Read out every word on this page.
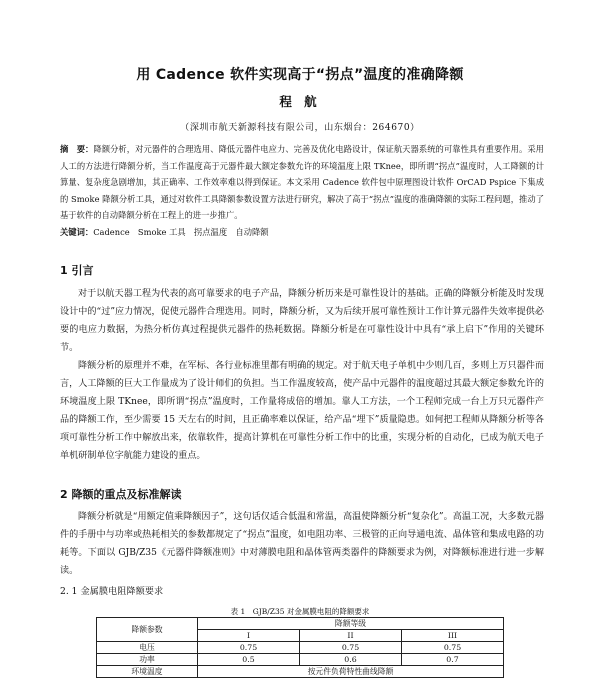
用 Cadence 软件实现高于“拐点”温度的准确降额
程 航
（深圳市航天新源科技有限公司，山东烟台：264670）
摘　要：降额分析，对元器件的合理选用、降低元器件电应力、完善及优化电路设计，保证航天器系统的可靠性具有重要作用。采用人工的方法进行降额分析，当工作温度高于元器件最大额定参数允许的环境温度上限 TKnee，即所谓“拐点”温度时，人工降额的计算量、复杂度急剧增加，其正确率、工作效率难以得到保证。本文采用 Cadence 软件包中原理图设计软件 OrCAD Pspice 下集成的 Smoke 降额分析工具，通过对软件工具降额参数设置方法进行研究，解决了高于“拐点”温度的准确降额的实际工程问题，推动了基于软件的自动降额分析在工程上的进一步推广。
关键词：Cadence　Smoke 工具　拐点温度　自动降额
1 引言
对于以航天器工程为代表的高可靠要求的电子产品，降额分析历来是可靠性设计的基础。正确的降额分析能及时发现设计中的“过”应力情况，促使元器件合理选用。同时，降额分析，又为后续开展可靠性预计工作计算元器件失效率提供必要的电应力数据，为热分析仿真过程提供元器件的热耗数据。降额分析是在可靠性设计中具有“承上启下”作用的关键环节。
降额分析的原理并不难，在军标、各行业标准里都有明确的规定。对于航天电子单机中少则几百，多则上万只器件而言，人工降额的巨大工作量成为了设计师们的负担。当工作温度较高，使产品中元器件的温度超过其最大额定参数允许的环境温度上限 TKnee，即所谓“拐点”温度时，工作量将成倍的增加。靠人工方法，一个工程师完成一台上万只元器件产品的降额工作，至少需要 15 天左右的时间，且正确率难以保证，给产品“埋下”质量隐患。如何把工程师从降额分析等各项可靠性分析工作中解放出来，依靠软件，提高计算机在可靠性分析工作中的比重，实现分析的自动化，已成为航天电子单机研制单位字航能力建设的重点。
2 降额的重点及标准解读
降额分析就是“用额定值乘降额因子”，这句话仅适合低温和常温，高温使降额分析“复杂化”。高温工况，大多数元器件的手册中与功率或热耗相关的参数都规定了“拐点”温度，如电阻功率、三极管的正向导通电流、晶体管和集成电路的功耗等。下面以 GJB/Z35《元器件降额准则》中对薄膜电阻和晶体管两类器件的降额要求为例，对降额标准进行进一步解读。
2. 1 金属膜电阻降额要求
表 1　GJB/Z35 对金属膜电阻的降额要求
降额参数	降额等级		
	I	II	III
电压	0.75	0.75	0.75
功率	0.5	0.6	0.7
环境温度	按元件负荷特性曲线降额		
